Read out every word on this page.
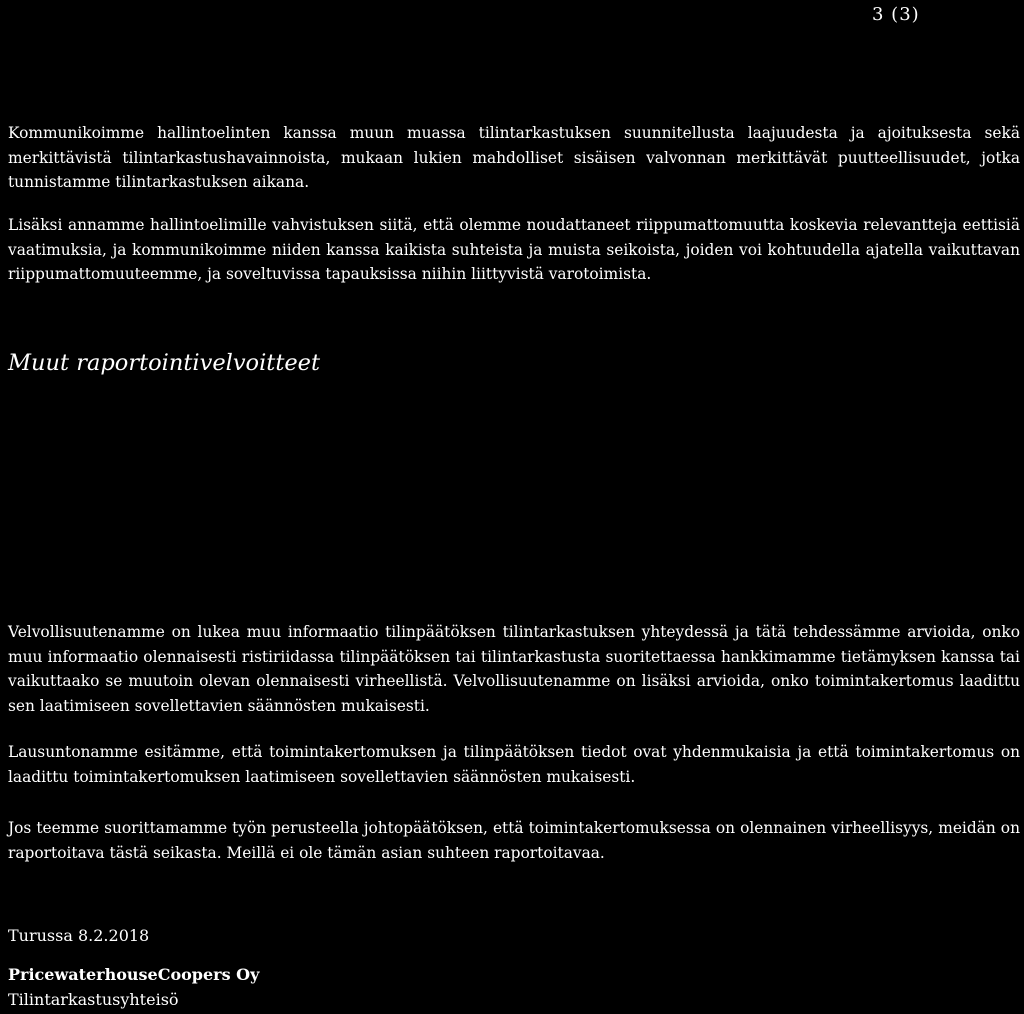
3 (3)

Kommunikoimme hallintoelinten kanssa muun muassa tilintarkastuksen suunnitellusta laajuudesta ja ajoituksesta sekä merkittävistä tilintarkastushavainnoista, mukaan lukien mahdolliset sisäisen valvonnan merkittävät puutteellisuudet, jotka tunnistamme tilintarkastuksen aikana.

Lisäksi annamme hallintoelimille vahvistuksen siitä, että olemme noudattaneet riippumattomuutta koskevia relevantteja eettisiä vaatimuksia, ja kommunikoimme niiden kanssa kaikista suhteista ja muista seikoista, joiden voi kohtuudella ajatella vaikuttavan riippumattomuuteemme, ja soveltuvissa tapauksissa niihin liittyvistä varotoimista.

Muut raportointivelvoitteet

Velvollisuutenamme on lukea muu informaatio tilinpäätöksen tilintarkastuksen yhteydessä ja tätä tehdessämme arvioida, onko muu informaatio olennaisesti ristiriidassa tilinpäätöksen tai tilintarkastusta suoritettaessa hankkimamme tietämyksen kanssa tai vaikuttaako se muutoin olevan olennaisesti virheellistä. Velvollisuutenamme on lisäksi arvioida, onko toimintakertomus laadittu sen laatimiseen sovellettavien säännösten mukaisesti.

Lausuntonamme esitämme, että toimintakertomuksen ja tilinpäätöksen tiedot ovat yhdenmukaisia ja että toimintakertomus on laadittu toimintakertomuksen laatimiseen sovellettavien säännösten mukaisesti.

Jos teemme suorittamamme työn perusteella johtopäätöksen, että toimintakertomuksessa on olennainen virheellisyys, meidän on raportoitava tästä seikasta. Meillä ei ole tämän asian suhteen raportoitavaa.

Turussa 8.2.2018
PricewaterhouseCoopers Oy
Tilintarkastusyhteisö
